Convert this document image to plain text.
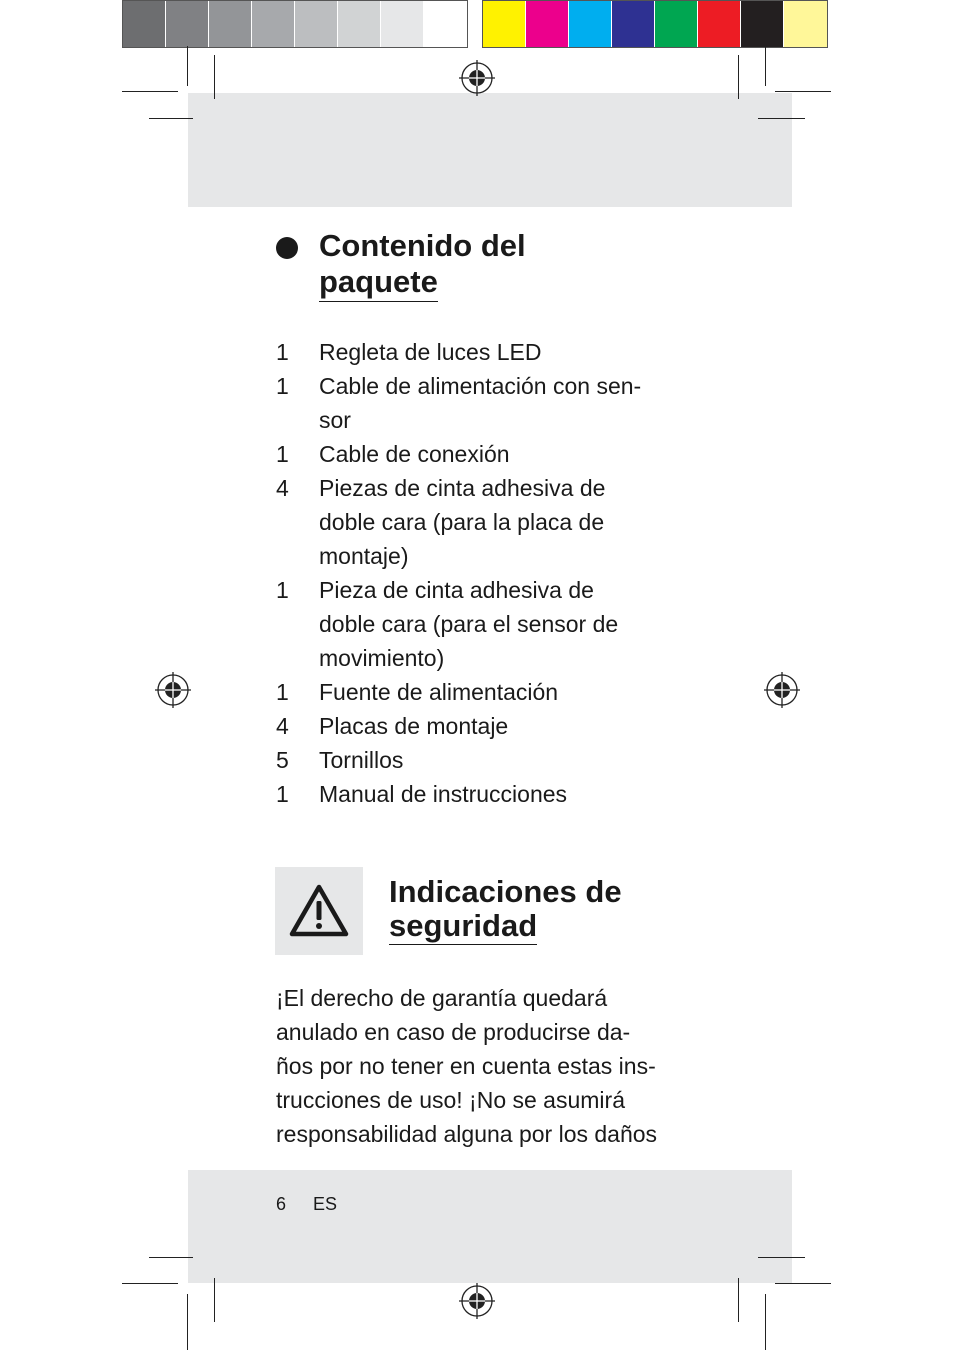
Contenido del
paquete
1	Regleta de luces LED
1	Cable de alimentación con sen-
sor
1	Cable de conexión
4	Piezas de cinta adhesiva de
doble cara (para la placa de
montaje)
1	Pieza de cinta adhesiva de
doble cara (para el sensor de
movimiento)
1	Fuente de alimentación
4	Placas de montaje
5	Tornillos
1	Manual de instrucciones
Indicaciones de
seguridad
¡El derecho de garantía quedará
anulado en caso de producirse da-
ños por no tener en cuenta estas ins-
trucciones de uso! ¡No se asumirá
responsabilidad alguna por los daños
6 ES
